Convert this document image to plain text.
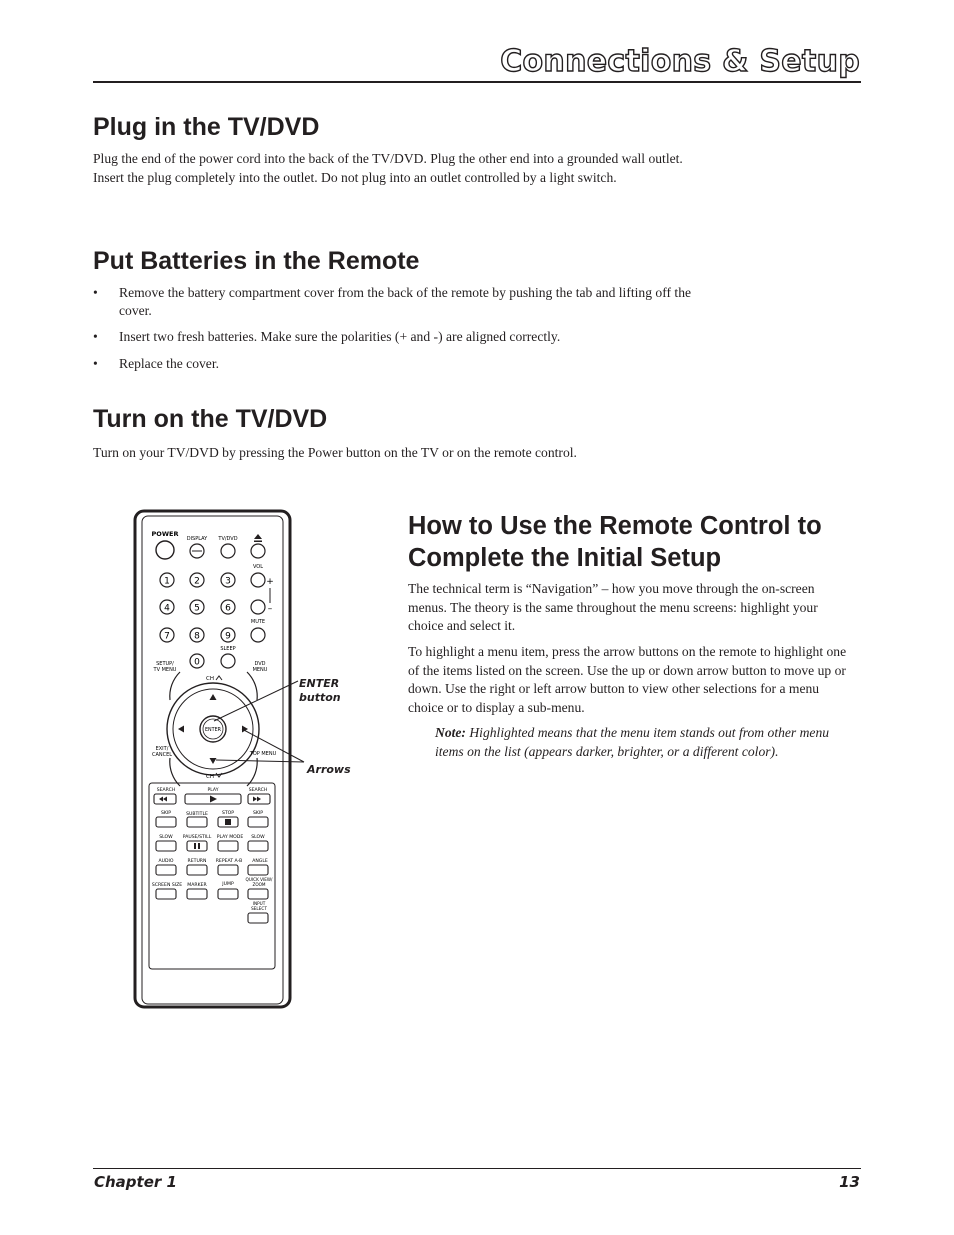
Connections & Setup
Plug in the TV/DVD

Plug the end of the power cord into the back of the TV/DVD. Plug the other end into a grounded wall outlet. Insert the plug completely into the outlet. Do not plug into an outlet controlled by a light switch.

Put Batteries in the Remote
• Remove the battery compartment cover from the back of the remote by pushing the tab and lifting off the cover.
• Insert two fresh batteries. Make sure the polarities (+ and -) are aligned correctly.
• Replace the cover.
Turn on the TV/DVD

Turn on your TV/DVD by pressing the Power button on the TV or on the remote control.

How to Use the Remote Control to
Complete the Initial Setup

The technical term is “Navigation” – how you move through the on-screen menus. The theory is the same throughout the menu screens: highlight your choice and select it.

To highlight a menu item, press the arrow buttons on the remote to highlight one of the items listed on the screen. Use the up or down arrow button to move up or down. Use the right or left arrow button to view other selections for a menu choice or to display a sub-menu.

Note: Highlighted means that the menu item stands out from other menu items on the list (appears darker, brighter, or a different color).

POWER
DISPLAY TV/DVD
VOL
1	2	3	+
4	5	6	–
MUTE
7	8	9
SLEEP
0
SETUP/
TV MENU
DVD
MENU
CH
ENTER
EXIT/
CANCEL	TOP MENU
CH
SEARCH	PLAY	SEARCH
SKIP	SUBTITLE	STOP	SKIP
SLOW PAUSE/STILL PLAY MODE SLOW
AUDIO	RETURN REPEAT A-B ANGLE
SCREEN SIZE MARKER	JUMP
QUICK VIEW/
ZOOM
INPUT
SELECT
ENTER
button
Arrows
Chapter 1	13
